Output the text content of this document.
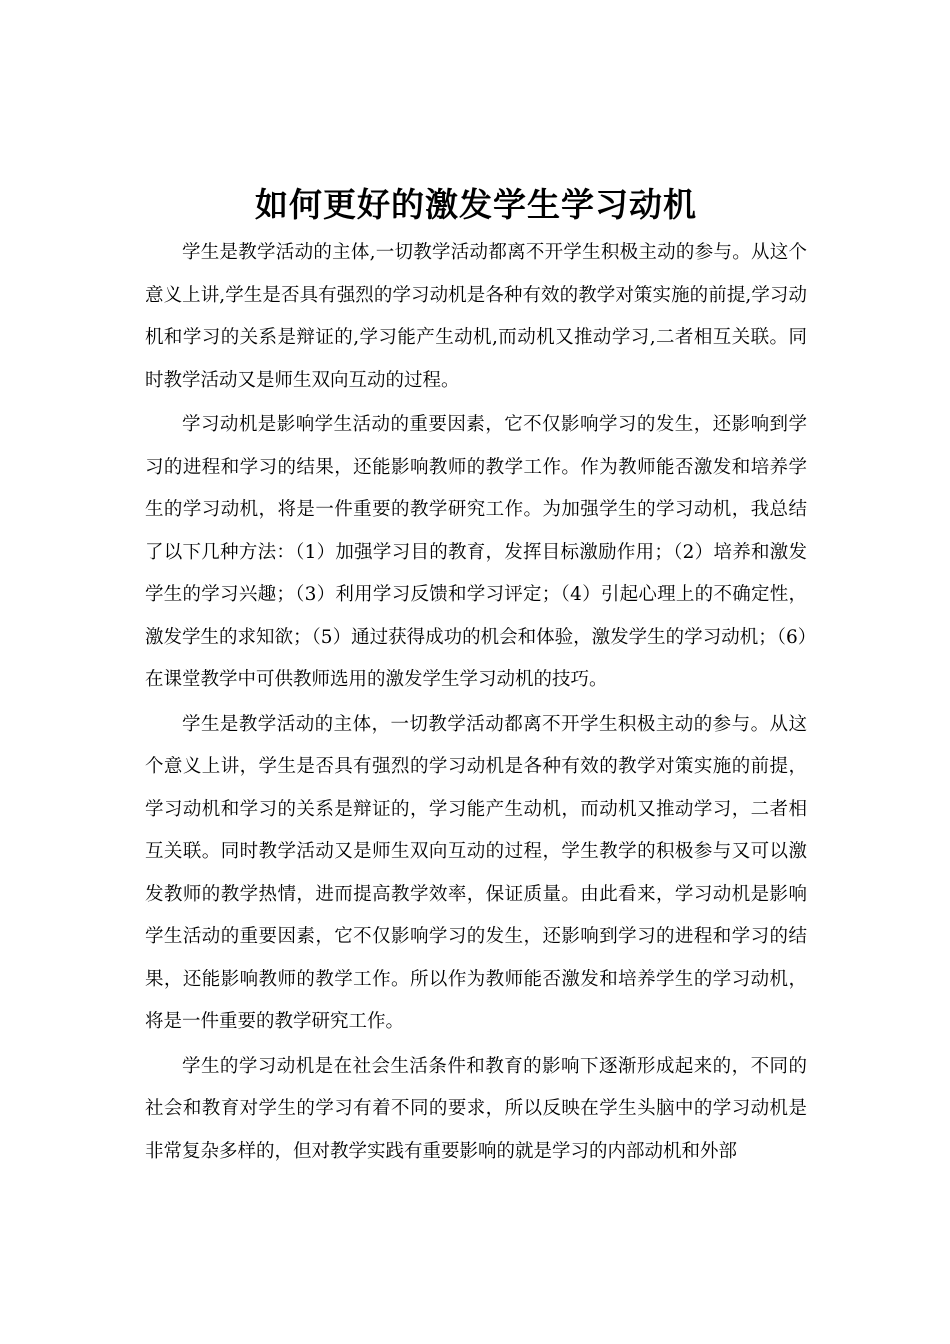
如何更好的激发学生学习动机

学生是教学活动的主体,一切教学活动都离不开学生积极主动的参与。从这个意义上讲,学生是否具有强烈的学习动机是各种有效的教学对策实施的前提,学习动机和学习的关系是辩证的,学习能产生动机,而动机又推动学习,二者相互关联。同时教学活动又是师生双向互动的过程。

学习动机是影响学生活动的重要因素，它不仅影响学习的发生，还影响到学习的进程和学习的结果，还能影响教师的教学工作。作为教师能否激发和培养学生的学习动机，将是一件重要的教学研究工作。为加强学生的学习动机，我总结了以下几种方法：（1）加强学习目的教育，发挥目标激励作用；（2）培养和激发学生的学习兴趣；（3）利用学习反馈和学习评定；（4）引起心理上的不确定性，激发学生的求知欲；（5）通过获得成功的机会和体验，激发学生的学习动机；（6）在课堂教学中可供教师选用的激发学生学习动机的技巧。

学生是教学活动的主体，一切教学活动都离不开学生积极主动的参与。从这个意义上讲，学生是否具有强烈的学习动机是各种有效的教学对策实施的前提，学习动机和学习的关系是辩证的，学习能产生动机，而动机又推动学习，二者相互关联。同时教学活动又是师生双向互动的过程，学生教学的积极参与又可以激发教师的教学热情，进而提高教学效率，保证质量。由此看来，学习动机是影响学生活动的重要因素，它不仅影响学习的发生，还影响到学习的进程和学习的结果，还能影响教师的教学工作。所以作为教师能否激发和培养学生的学习动机，将是一件重要的教学研究工作。

学生的学习动机是在社会生活条件和教育的影响下逐渐形成起来的，不同的社会和教育对学生的学习有着不同的要求，所以反映在学生头脑中的学习动机是非常复杂多样的，但对教学实践有重要影响的就是学习的内部动机和外部
